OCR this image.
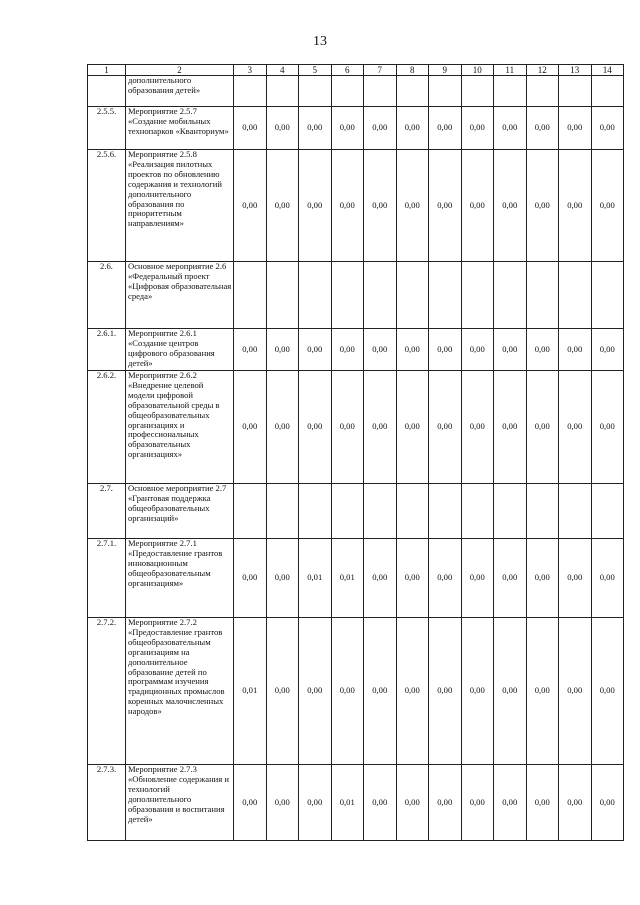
13
1	2	3	4	5	6	7	8	9	10	11	12	13	14
	дополнительного образования детей»												
2.5.5.	Мероприятие 2.5.7 «Создание мобильных технопарков «Кванториум»	0,00	0,00	0,00	0,00	0,00	0,00	0,00	0,00	0,00	0,00	0,00	0,00
2.5.6.	Мероприятие 2.5.8 «Реализация пилотных проектов по обновлению содержания и технологий дополнительного образования по приоритетным направлениям»	0,00	0,00	0,00	0,00	0,00	0,00	0,00	0,00	0,00	0,00	0,00	0,00
2.6.	Основное мероприятие 2.6 «Федеральный проект «Цифровая образовательная среда»												
2.6.1.	Мероприятие 2.6.1 «Создание центров цифрового образования детей»	0,00	0,00	0,00	0,00	0,00	0,00	0,00	0,00	0,00	0,00	0,00	0,00
2.6.2.	Мероприятие 2.6.2 «Внедрение целевой модели цифровой образовательной среды в общеобразовательных организациях и профессиональных образовательных организациях»	0,00	0,00	0,00	0,00	0,00	0,00	0,00	0,00	0,00	0,00	0,00	0,00
2.7.	Основное мероприятие 2.7 «Грантовая поддержка общеобразовательных организаций»												
2.7.1.	Мероприятие 2.7.1 «Предоставление грантов инновационным общеобразовательным организациям»	0,00	0,00	0,01	0,01	0,00	0,00	0,00	0,00	0,00	0,00	0,00	0,00
2.7.2.	Мероприятие 2.7.2 «Предоставление грантов общеобразовательным организациям на дополнительное образование детей по программам изучения традиционных промыслов коренных малочисленных народов»	0,01	0,00	0,00	0,00	0,00	0,00	0,00	0,00	0,00	0,00	0,00	0,00
2.7.3.	Мероприятие 2.7.3 «Обновление содержания и технологий дополнительного образования и воспитания детей»	0,00	0,00	0,00	0,01	0,00	0,00	0,00	0,00	0,00	0,00	0,00	0,00
